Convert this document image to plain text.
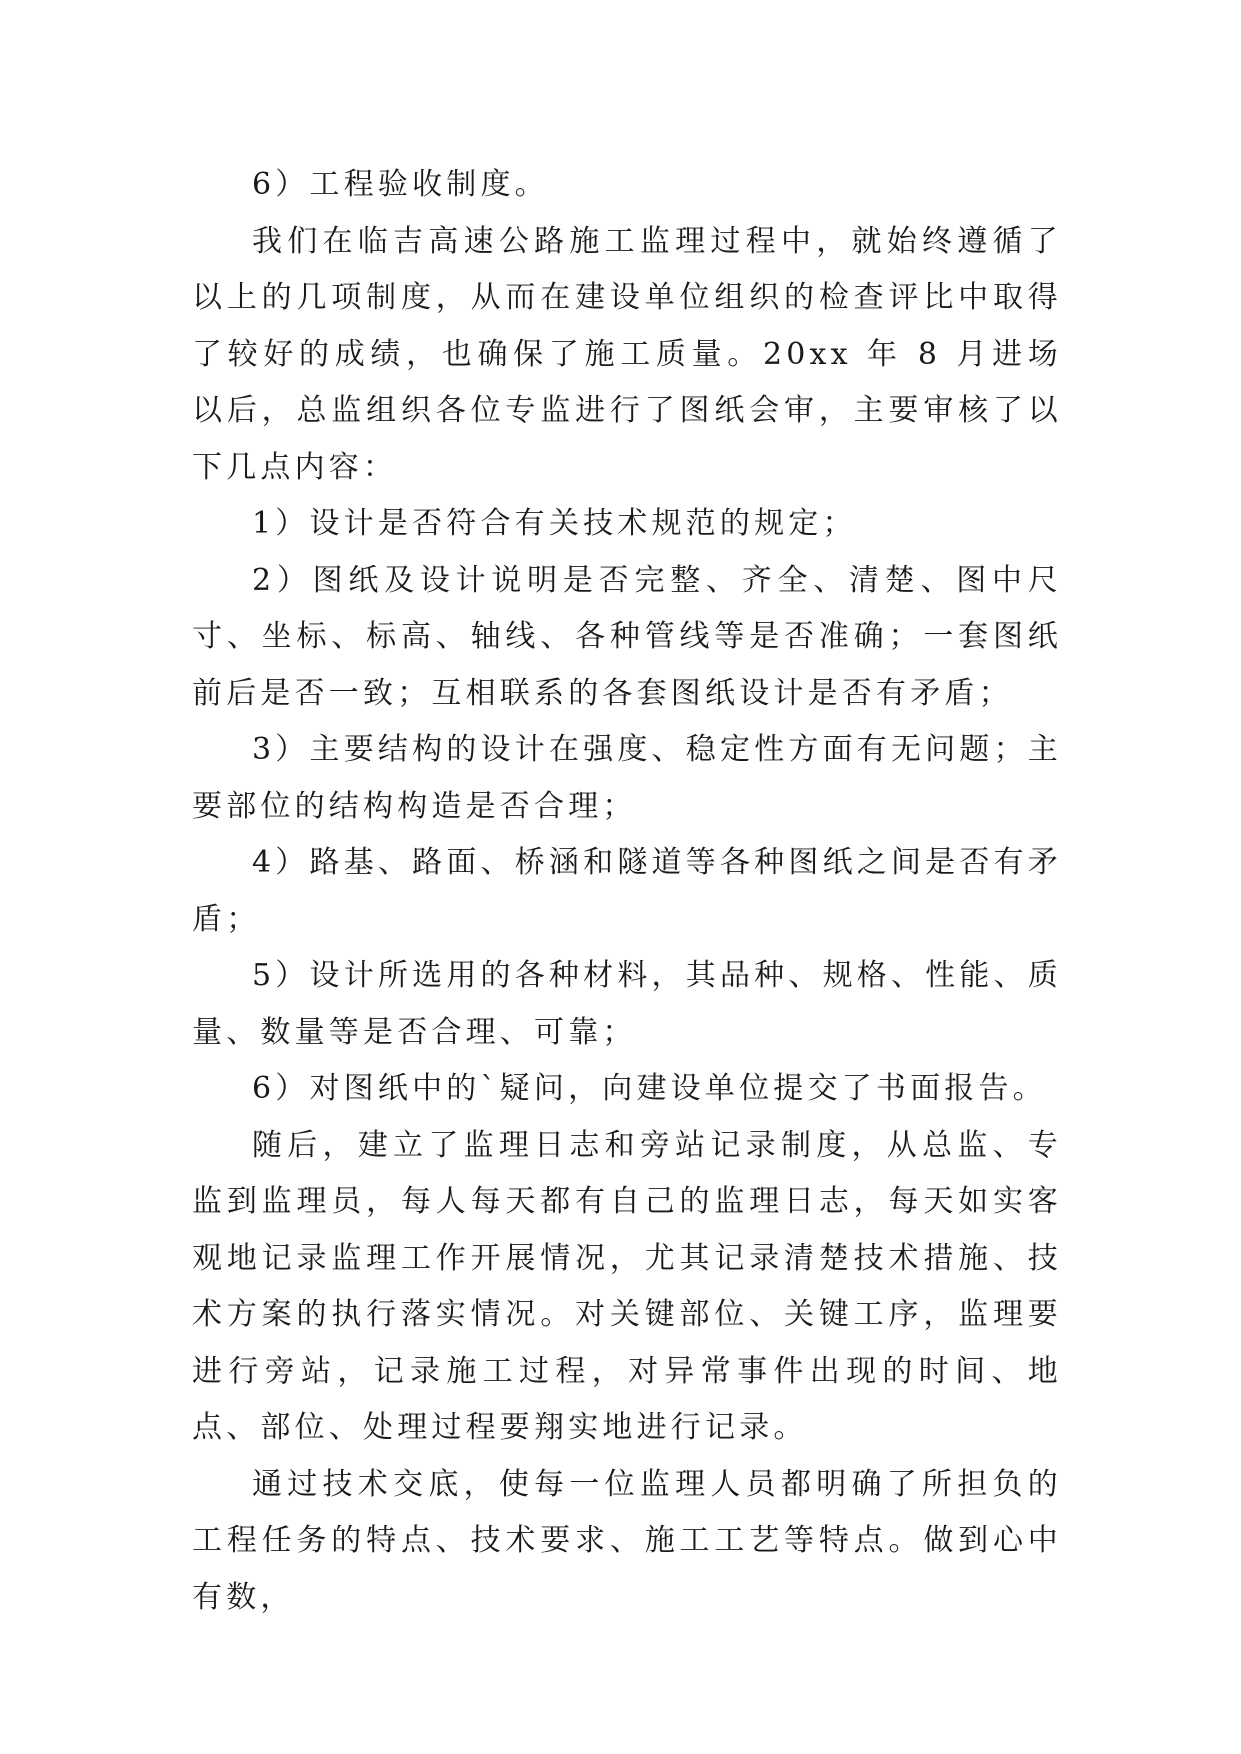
6）工程验收制度。

我们在临吉高速公路施工监理过程中，就始终遵循了以上的几项制度，从而在建设单位组织的检查评比中取得了较好的成绩，也确保了施工质量。20xx 年 8 月进场以后，总监组织各位专监进行了图纸会审，主要审核了以下几点内容：

1）设计是否符合有关技术规范的规定；

2）图纸及设计说明是否完整、齐全、清楚、图中尺寸、坐标、标高、轴线、各种管线等是否准确；一套图纸前后是否一致；互相联系的各套图纸设计是否有矛盾；

3）主要结构的设计在强度、稳定性方面有无问题；主要部位的结构构造是否合理；

4）路基、路面、桥涵和隧道等各种图纸之间是否有矛盾；

5）设计所选用的各种材料，其品种、规格、性能、质量、数量等是否合理、可靠；

6）对图纸中的`疑问，向建设单位提交了书面报告。

随后，建立了监理日志和旁站记录制度，从总监、专监到监理员，每人每天都有自己的监理日志，每天如实客观地记录监理工作开展情况，尤其记录清楚技术措施、技术方案的执行落实情况。对关键部位、关键工序，监理要进行旁站，记录施工过程，对异常事件出现的时间、地点、部位、处理过程要翔实地进行记录。

通过技术交底，使每一位监理人员都明确了所担负的工程任务的特点、技术要求、施工工艺等特点。做到心中有数，
